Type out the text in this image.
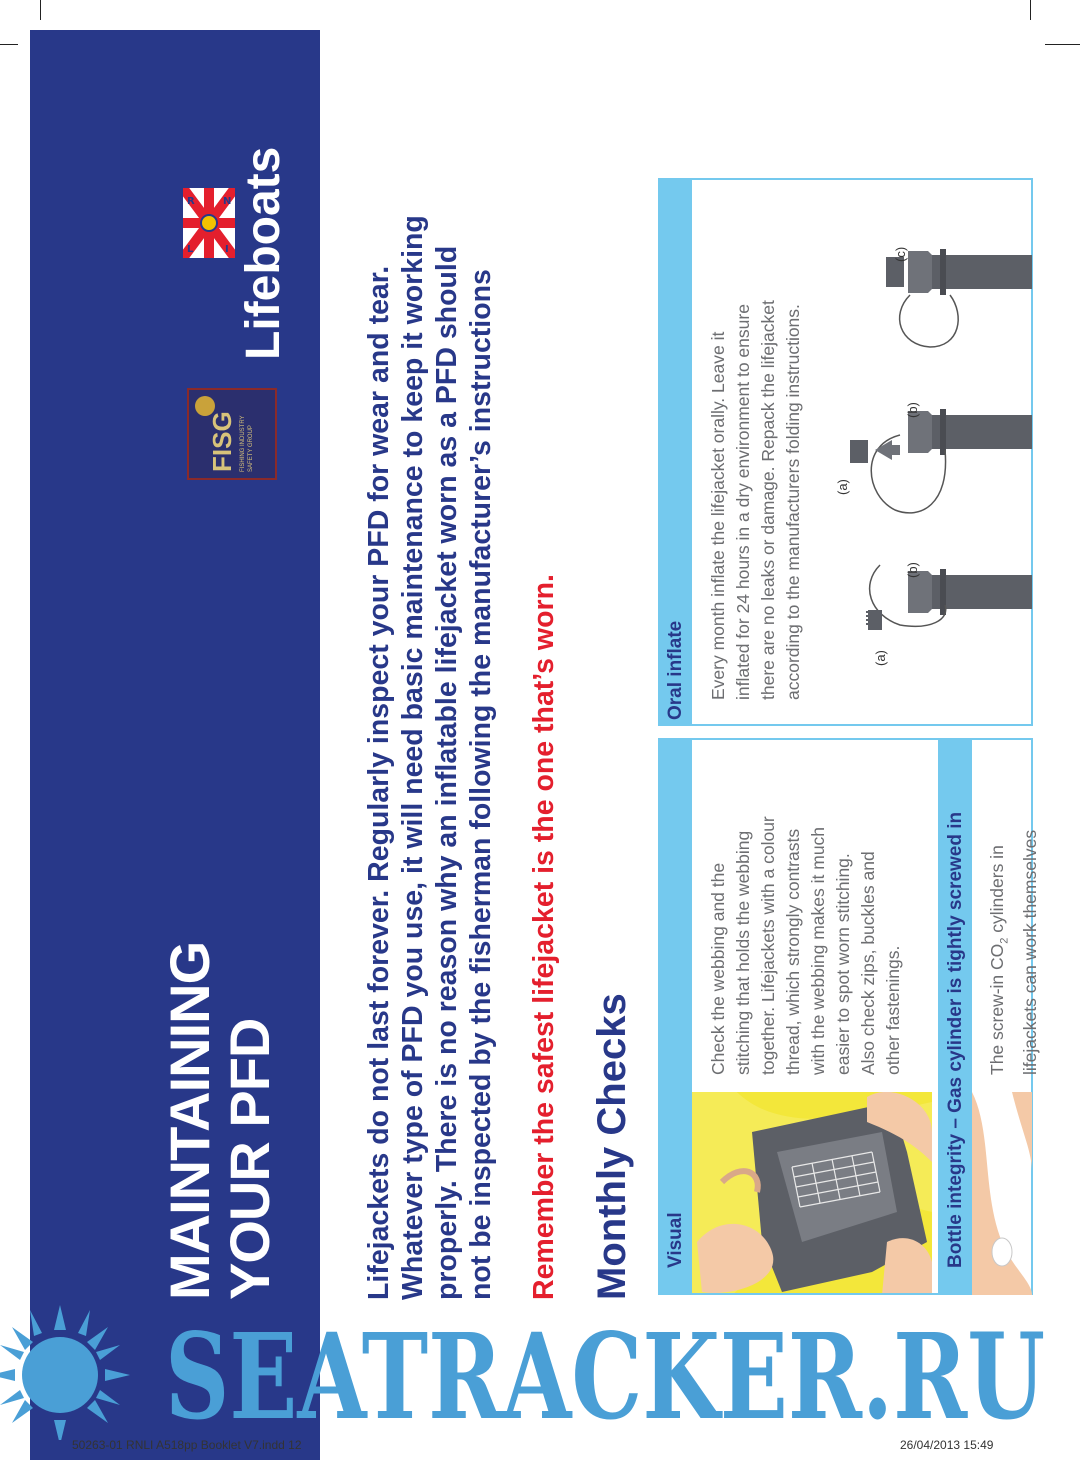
MAINTAINING
YOUR PFD
FISG FISHING INDUSTRY SAFETY GROUP
R	N
L	I Lifeboats
Lifejackets do not last forever. Regularly inspect your PFD for wear and tear. Whatever type of PFD you use, it will need basic maintenance to keep it working properly. There is no reason why an inflatable lifejacket worn as a PFD should not be inspected by the fisherman following the manufacturer’s instructions Remember the safest lifejacket is the one that’s worn. Monthly Checks Visual
Check the webbing and the stitching that holds the webbing together. Lifejackets with a colour thread, which strongly contrasts with the webbing makes it much easier to spot worn stitching. Also check zips, buckles and other fastenings. Bottle integrity – Gas cylinder is tightly screwed in The screw-in $CO_2$ cylinders in lifejackets can work themselves
Oral inflate Every month inflate the lifejacket orally. Leave it inflated for 24 hours in a dry environment to ensure there are no leaks or damage. Repack the lifejacket according to the manufacturers folding instructions.	(a)
(b)
(a)
(b)
(c)
SEATRACKER.RU
50263-01 RNLI A518pp Booklet V7.indd 12	26/04/2013 15:49
